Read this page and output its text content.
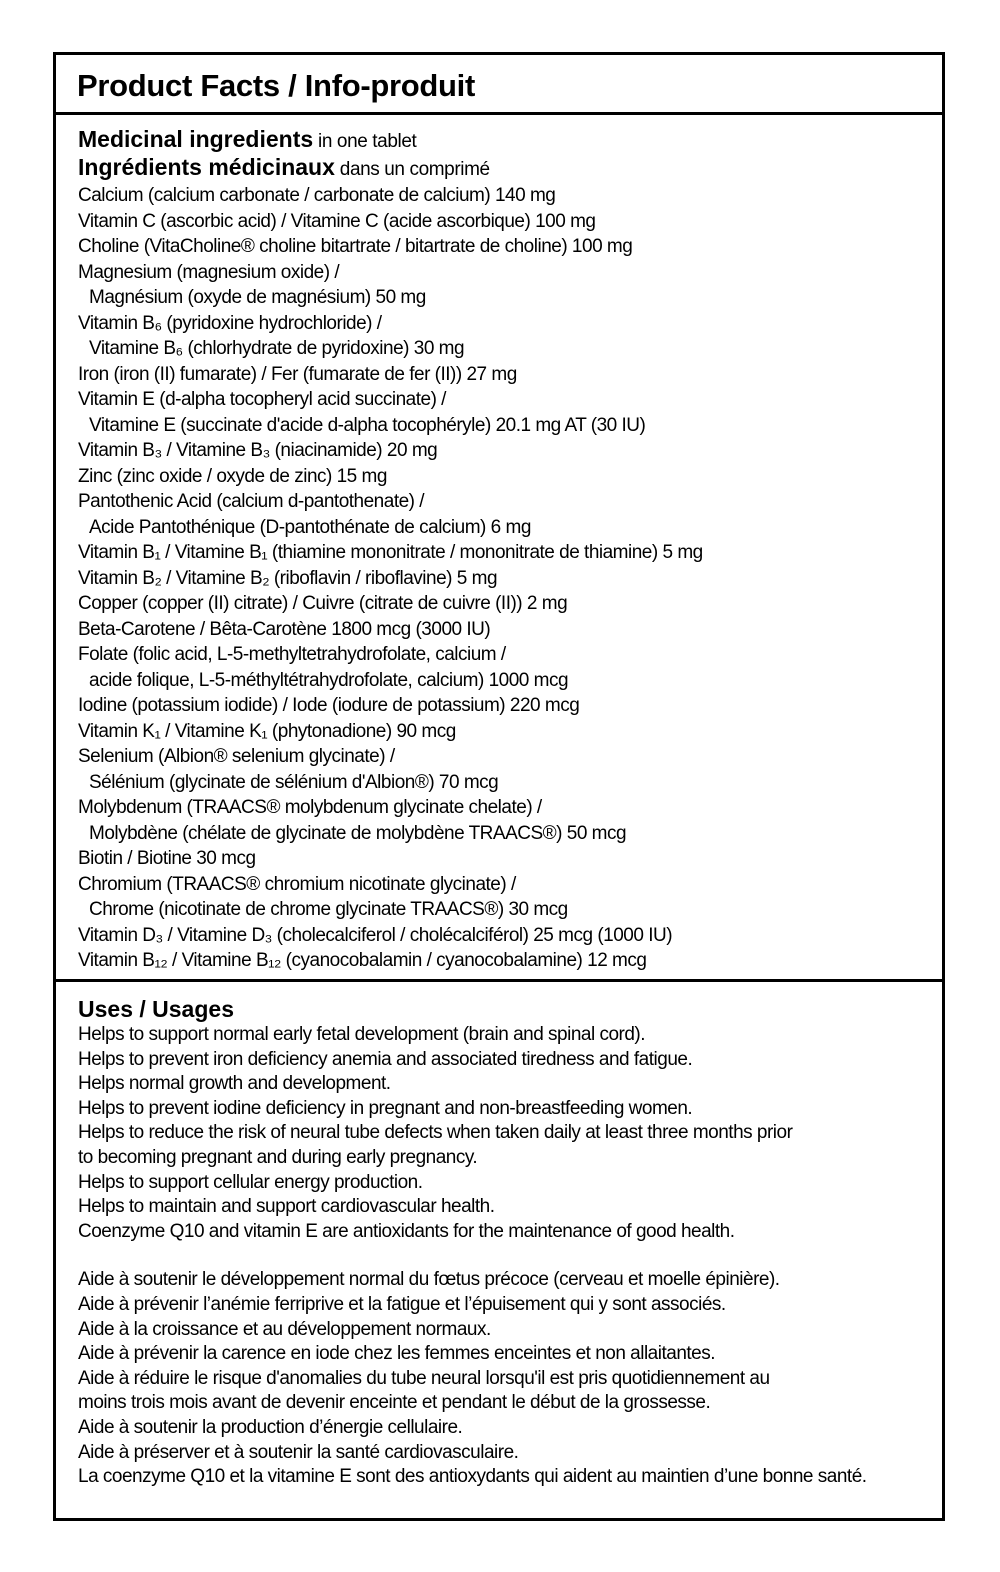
Product Facts / Info-produit
Medicinal ingredients in one tablet
Ingrédients médicinaux dans un comprimé
Calcium (calcium carbonate / carbonate de calcium) 140 mg
Vitamin C (ascorbic acid) / Vitamine C (acide ascorbique) 100 mg
Choline (VitaCholine® choline bitartrate / bitartrate de choline) 100 mg
Magnesium (magnesium oxide) /
Magnésium (oxyde de magnésium) 50 mg
Vitamin B₆ (pyridoxine hydrochloride) /
Vitamine B₆ (chlorhydrate de pyridoxine) 30 mg
Iron (iron (II) fumarate) / Fer (fumarate de fer (II)) 27 mg
Vitamin E (d-alpha tocopheryl acid succinate) /
Vitamine E (succinate d'acide d-alpha tocophéryle) 20.1 mg AT (30 IU)
Vitamin B₃ / Vitamine B₃ (niacinamide) 20 mg
Zinc (zinc oxide / oxyde de zinc) 15 mg
Pantothenic Acid (calcium d-pantothenate) /
Acide Pantothénique (D-pantothénate de calcium) 6 mg
Vitamin B₁ / Vitamine B₁ (thiamine mononitrate / mononitrate de thiamine) 5 mg
Vitamin B₂ / Vitamine B₂ (riboflavin / riboflavine) 5 mg
Copper (copper (II) citrate) / Cuivre (citrate de cuivre (II)) 2 mg
Beta-Carotene / Bêta-Carotène 1800 mcg (3000 IU)
Folate (folic acid, L-5-methyltetrahydrofolate, calcium /
acide folique, L-5-méthyltétrahydrofolate, calcium) 1000 mcg
Iodine (potassium iodide) / Iode (iodure de potassium) 220 mcg
Vitamin K₁ / Vitamine K₁ (phytonadione) 90 mcg
Selenium (Albion® selenium glycinate) /
Sélénium (glycinate de sélénium d'Albion®) 70 mcg
Molybdenum (TRAACS® molybdenum glycinate chelate) /
Molybdène (chélate de glycinate de molybdène TRAACS®) 50 mcg
Biotin / Biotine 30 mcg
Chromium (TRAACS® chromium nicotinate glycinate) /
Chrome (nicotinate de chrome glycinate TRAACS®) 30 mcg
Vitamin D₃ / Vitamine D₃ (cholecalciferol / cholécalciférol) 25 mcg (1000 IU)
Vitamin B₁₂ / Vitamine B₁₂ (cyanocobalamin / cyanocobalamine) 12 mcg
Uses / Usages
Helps to support normal early fetal development (brain and spinal cord).
Helps to prevent iron deficiency anemia and associated tiredness and fatigue.
Helps normal growth and development.
Helps to prevent iodine deficiency in pregnant and non-breastfeeding women.
Helps to reduce the risk of neural tube defects when taken daily at least three months prior
to becoming pregnant and during early pregnancy.
Helps to support cellular energy production.
Helps to maintain and support cardiovascular health.
Coenzyme Q10 and vitamin E are antioxidants for the maintenance of good health.
Aide à soutenir le développement normal du fœtus précoce (cerveau et moelle épinière).
Aide à prévenir l’anémie ferriprive et la fatigue et l’épuisement qui y sont associés.
Aide à la croissance et au développement normaux.
Aide à prévenir la carence en iode chez les femmes enceintes et non allaitantes.
Aide à réduire le risque d'anomalies du tube neural lorsqu'il est pris quotidiennement au
moins trois mois avant de devenir enceinte et pendant le début de la grossesse.
Aide à soutenir la production d’énergie cellulaire.
Aide à préserver et à soutenir la santé cardiovasculaire.
La coenzyme Q10 et la vitamine E sont des antioxydants qui aident au maintien d’une bonne santé.
